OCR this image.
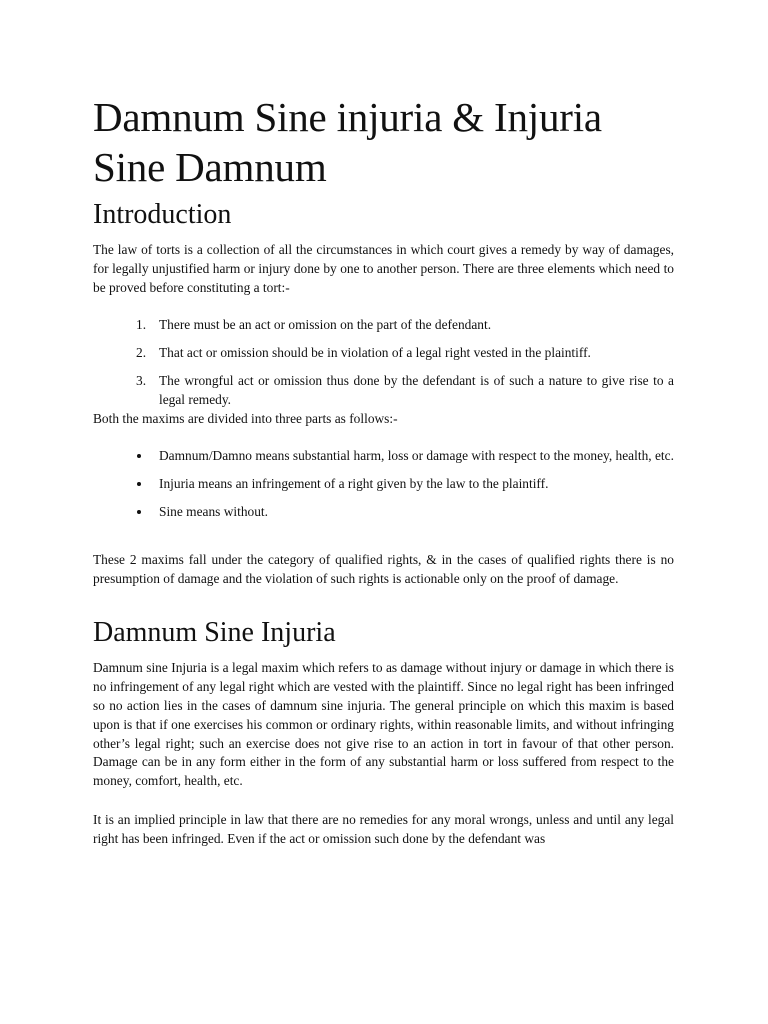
Damnum Sine injuria & Injuria Sine Damnum
Introduction

The law of torts is a collection of all the circumstances in which court gives a remedy by way of damages, for legally unjustified harm or injury done by one to another person. There are three elements which need to be proved before constituting a tort:-

1. There must be an act or omission on the part of the defendant.
2. That act or omission should be in violation of a legal right vested in the plaintiff.
3. The wrongful act or omission thus done by the defendant is of such a nature to give rise to a legal remedy.

Both the maxims are divided into three parts as follows:-

Damnum/Damno means substantial harm, loss or damage with respect to the money, health, etc.
Injuria means an infringement of a right given by the law to the plaintiff.
Sine means without.

These 2 maxims fall under the category of qualified rights, & in the cases of qualified rights there is no presumption of damage and the violation of such rights is actionable only on the proof of damage.

Damnum Sine Injuria

Damnum sine Injuria is a legal maxim which refers to as damage without injury or damage in which there is no infringement of any legal right which are vested with the plaintiff. Since no legal right has been infringed so no action lies in the cases of damnum sine injuria. The general principle on which this maxim is based upon is that if one exercises his common or ordinary rights, within reasonable limits, and without infringing other’s legal right; such an exercise does not give rise to an action in tort in favour of that other person. Damage can be in any form either in the form of any substantial harm or loss suffered from respect to the money, comfort, health, etc.

It is an implied principle in law that there are no remedies for any moral wrongs, unless and until any legal right has been infringed. Even if the act or omission such done by the defendant was
